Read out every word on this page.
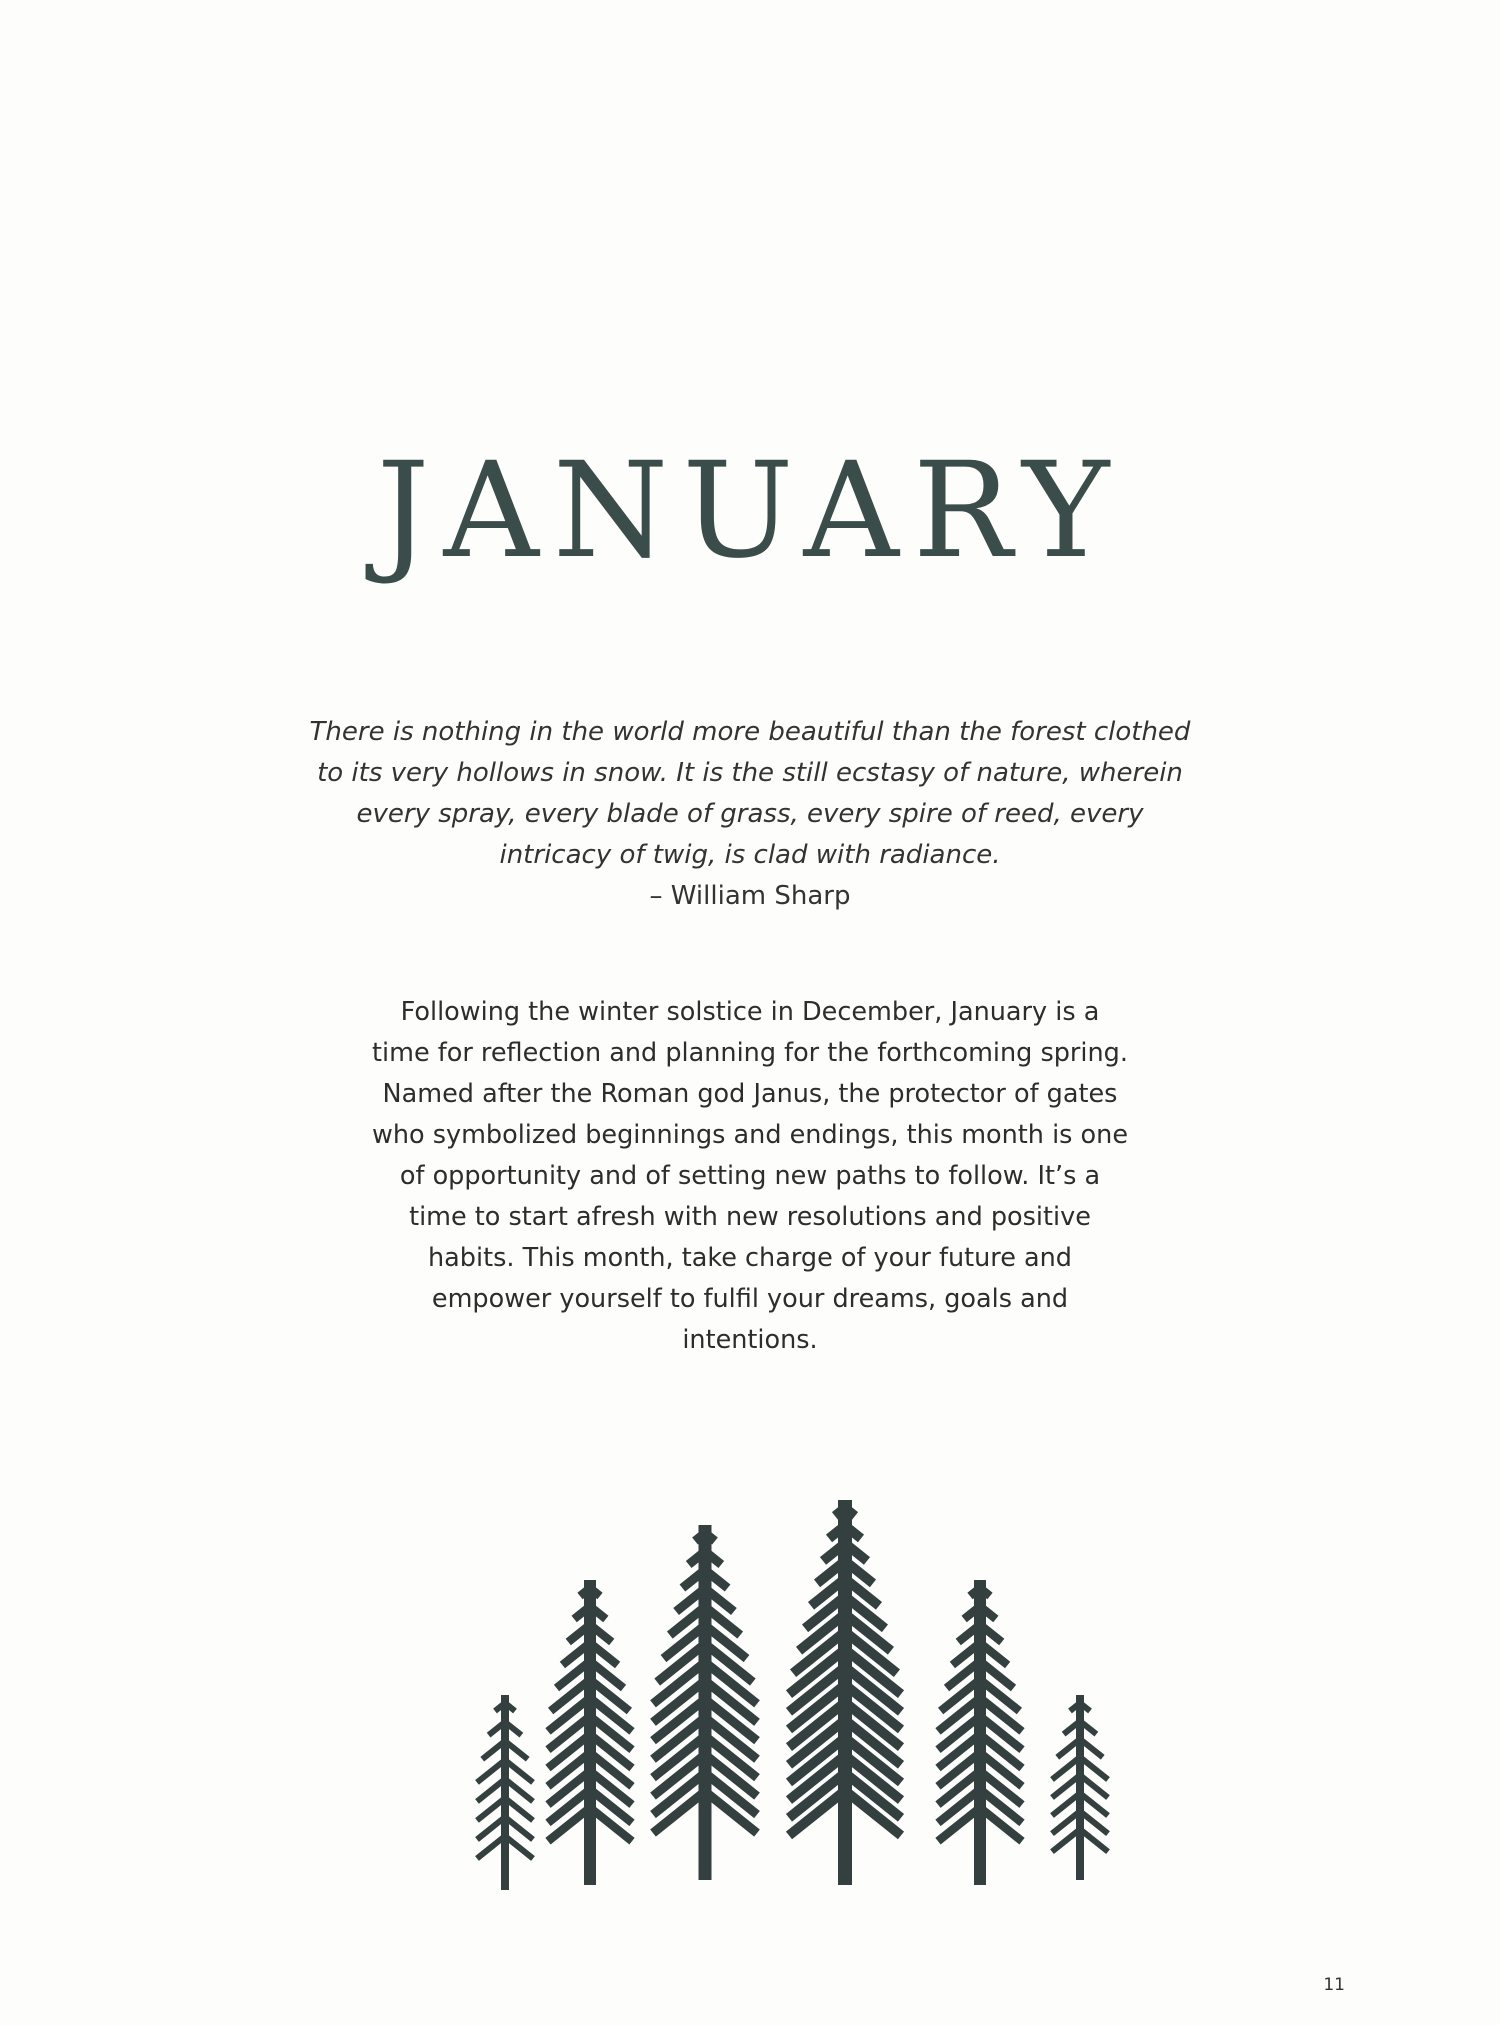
JANUARY

There is nothing in the world more beautiful than the forest clothed to its very hollows in snow. It is the still ecstasy of nature, wherein every spray, every blade of grass, every spire of reed, every intricacy of twig, is clad with radiance.

– William Sharp

Following the winter solstice in December, January is a time for reflection and planning for the forthcoming spring. Named after the Roman god Janus, the protector of gates who symbolized beginnings and endings, this month is one of opportunity and of setting new paths to follow. It’s a time to start afresh with new resolutions and positive habits. This month, take charge of your future and empower yourself to fulfil your dreams, goals and intentions.

11
